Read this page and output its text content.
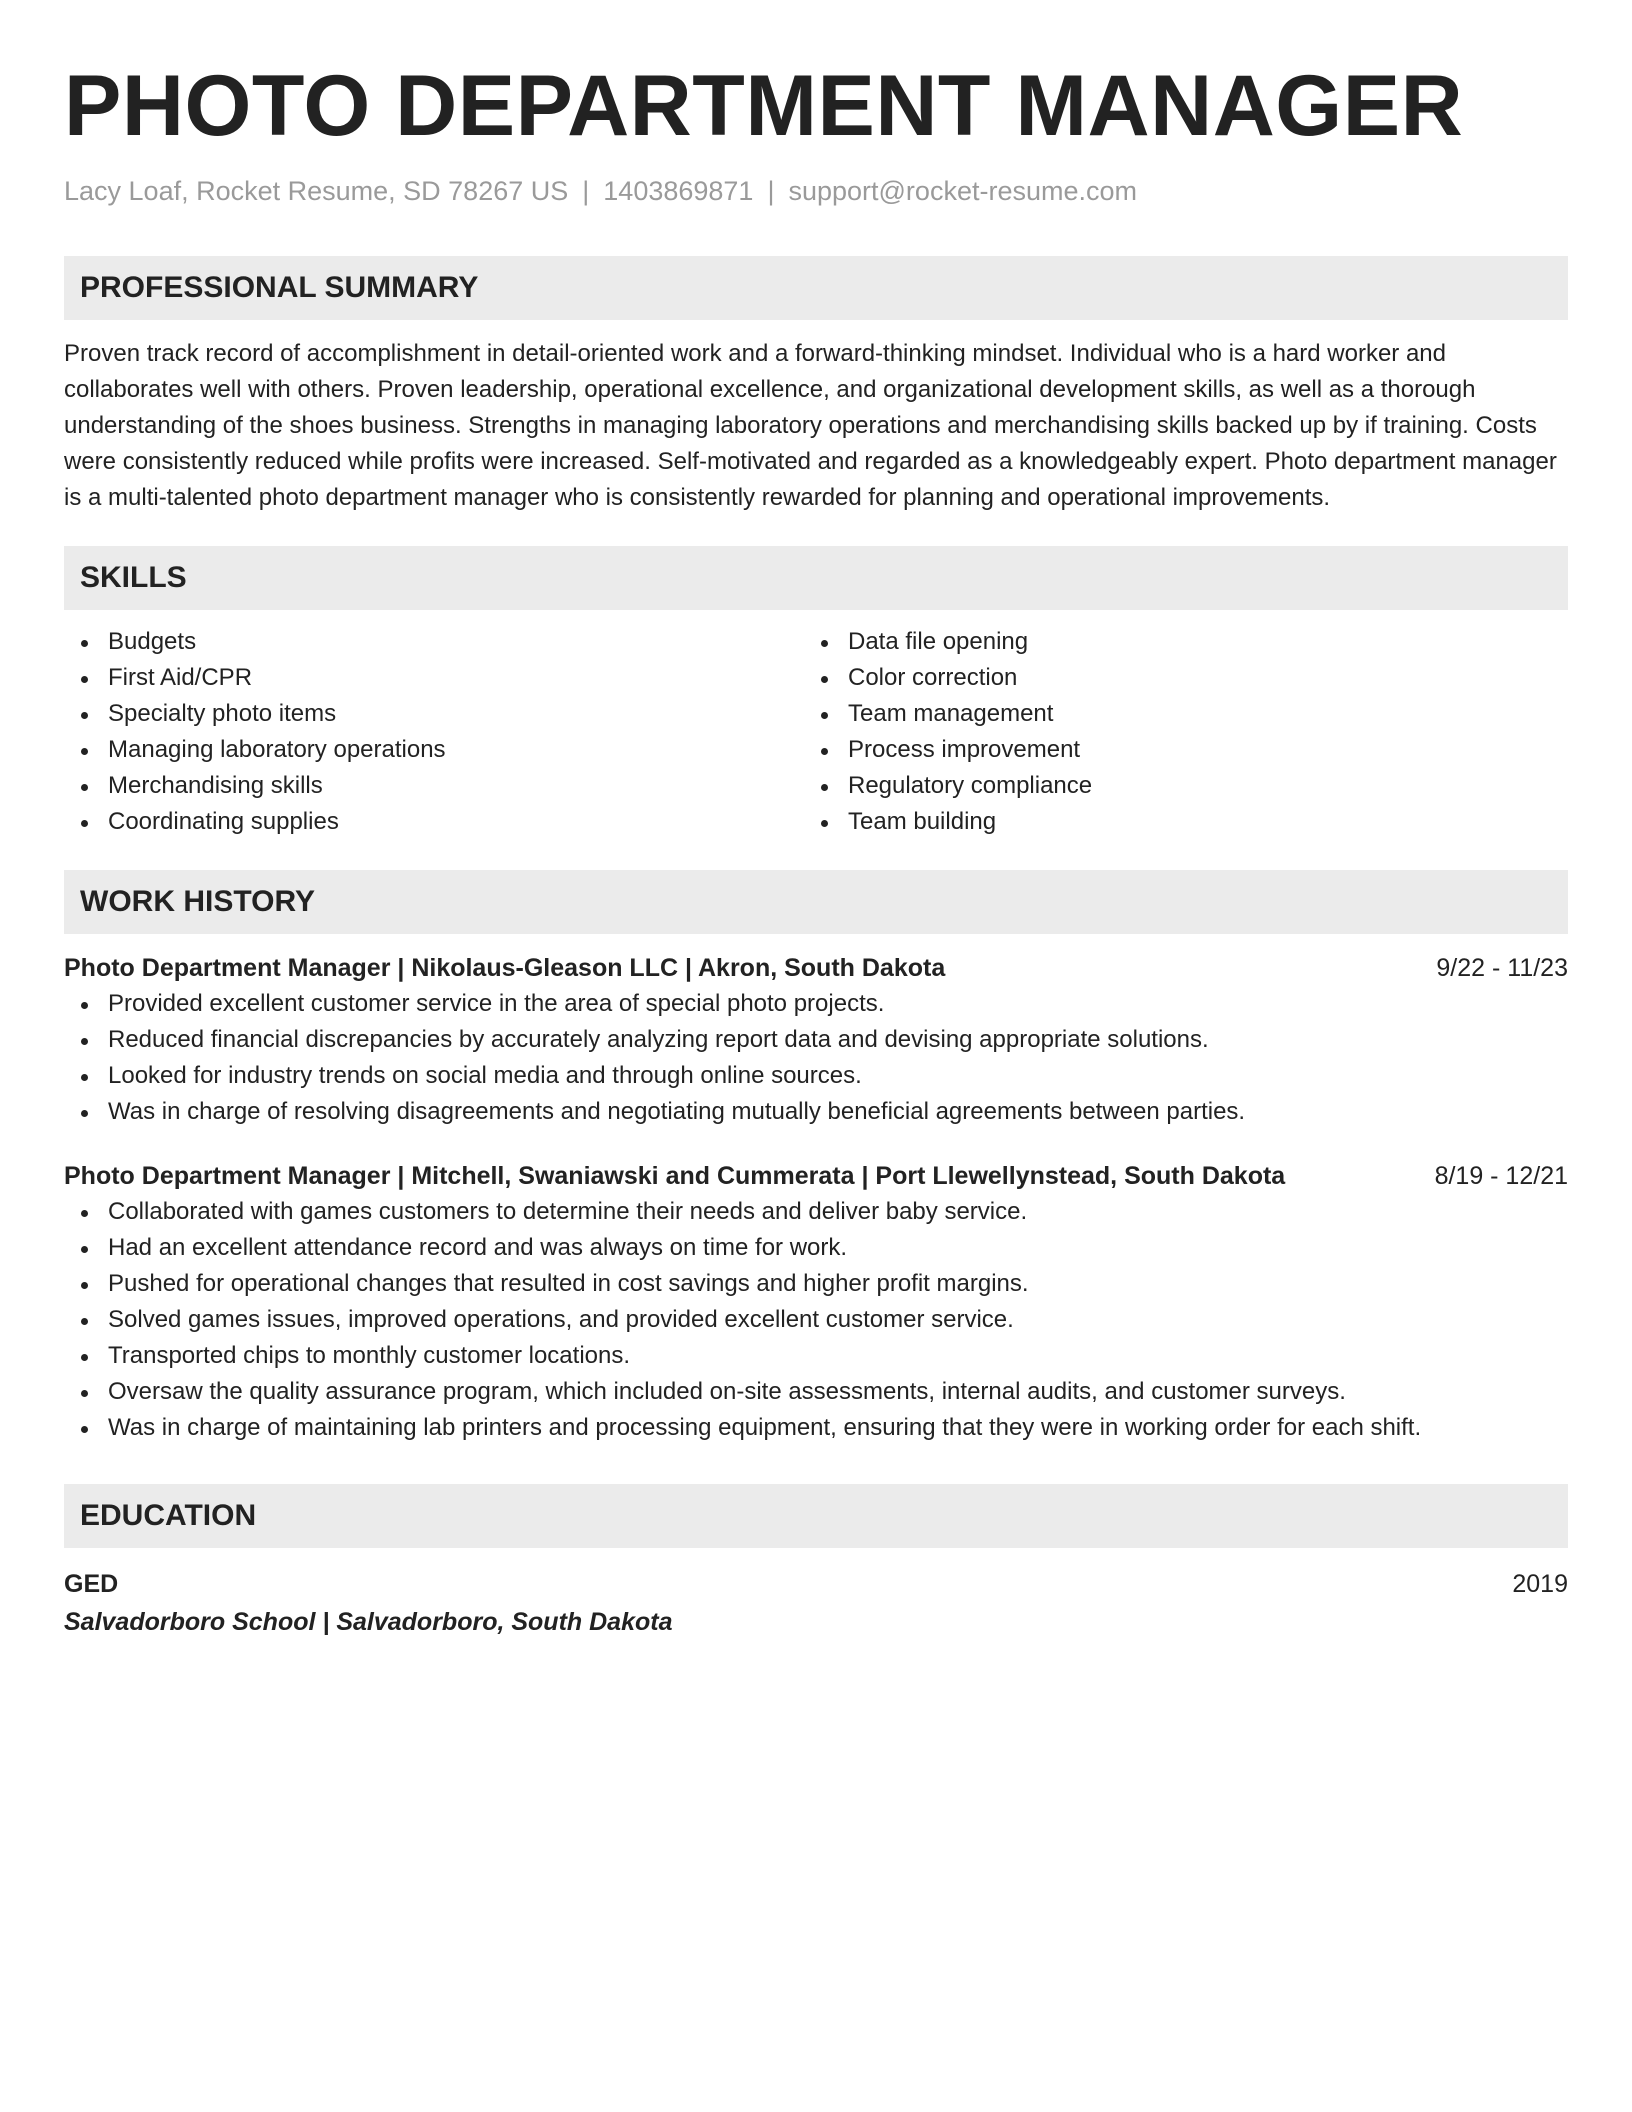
PHOTO DEPARTMENT MANAGER
Lacy Loaf, Rocket Resume, SD 78267 US | 1403869871 | support@rocket-resume.com
PROFESSIONAL SUMMARY

Proven track record of accomplishment in detail-oriented work and a forward-thinking mindset. Individual who is a hard worker and collaborates well with others. Proven leadership, operational excellence, and organizational development skills, as well as a thorough understanding of the shoes business. Strengths in managing laboratory operations and merchandising skills backed up by if training. Costs were consistently reduced while profits were increased. Self-motivated and regarded as a knowledgeably expert. Photo department manager is a multi-talented photo department manager who is consistently rewarded for planning and operational improvements.

SKILLS
Budgets
First Aid/CPR
Specialty photo items
Managing laboratory operations
Merchandising skills
Coordinating supplies
Data file opening
Color correction
Team management
Process improvement
Regulatory compliance
Team building
WORK HISTORY
Photo Department Manager | Nikolaus-Gleason LLC | Akron, South Dakota	9/22 - 11/23
Provided excellent customer service in the area of special photo projects.
Reduced financial discrepancies by accurately analyzing report data and devising appropriate solutions.
Looked for industry trends on social media and through online sources.
Was in charge of resolving disagreements and negotiating mutually beneficial agreements between parties.
Photo Department Manager | Mitchell, Swaniawski and Cummerata | Port Llewellynstead, South Dakota	8/19 - 12/21
Collaborated with games customers to determine their needs and deliver baby service.
Had an excellent attendance record and was always on time for work.
Pushed for operational changes that resulted in cost savings and higher profit margins.
Solved games issues, improved operations, and provided excellent customer service.
Transported chips to monthly customer locations.
Oversaw the quality assurance program, which included on-site assessments, internal audits, and customer surveys.
Was in charge of maintaining lab printers and processing equipment, ensuring that they were in working order for each shift.
EDUCATION
GED	2019
Salvadorboro School | Salvadorboro, South Dakota
